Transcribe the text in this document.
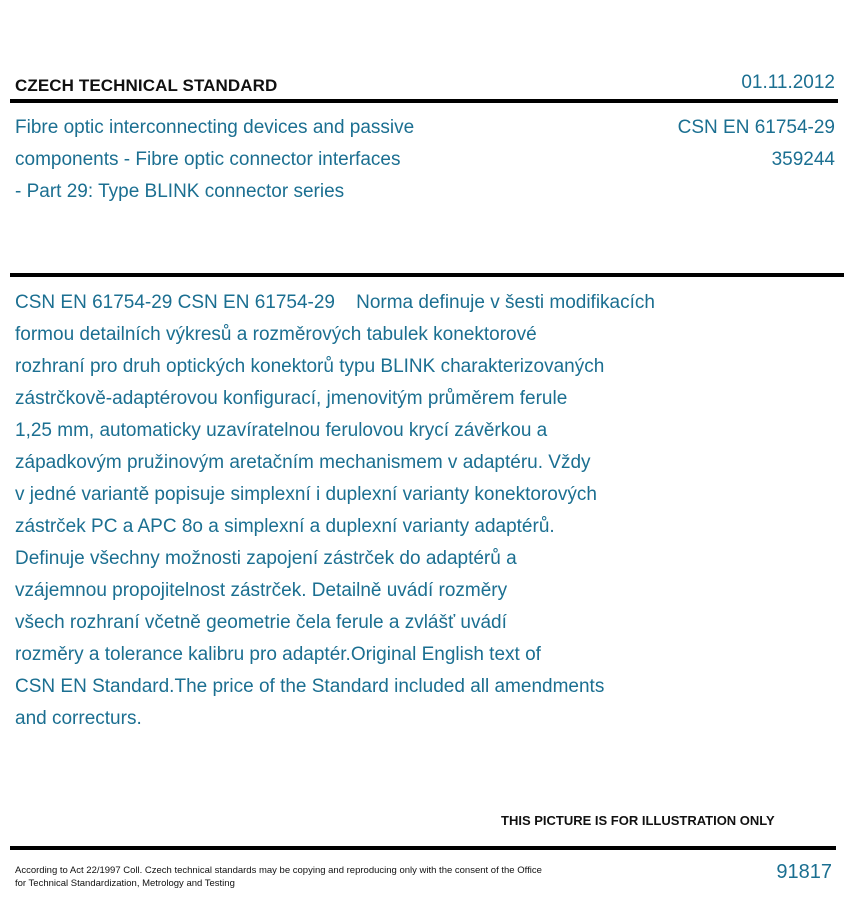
CZECH TECHNICAL STANDARD	01.11.2012
Fibre optic interconnecting devices and passive
components - Fibre optic connector interfaces
- Part 29: Type BLINK connector series
CSN EN 61754-29
359244
CSN EN 61754-29 CSN EN 61754-29    Norma definuje v šesti modifikacích
formou detailních výkresů a rozměrových tabulek konektorové
rozhraní pro druh optických konektorů typu BLINK charakterizovaných
zástrčkově-adaptérovou konfigurací, jmenovitým průměrem ferule
1,25 mm, automaticky uzavíratelnou ferulovou krycí závěrkou a
západkovým pružinovým aretačním mechanismem v adaptéru. Vždy
v jedné variantě popisuje simplexní i duplexní varianty konektorových
zástrček PC a APC 8o a simplexní a duplexní varianty adaptérů.
Definuje všechny možnosti zapojení zástrček do adaptérů a
vzájemnou propojitelnost zástrček. Detailně uvádí rozměry
všech rozhraní včetně geometrie čela ferule a zvlášť uvádí
rozměry a tolerance kalibru pro adaptér.Original English text of
CSN EN Standard.The price of the Standard included all amendments
and correcturs.
THIS PICTURE IS FOR ILLUSTRATION ONLY
According to Act 22/1997 Coll. Czech technical standards may be copying and reproducing only with the consent of the Office
for Technical Standardization, Metrology and Testing
91817
